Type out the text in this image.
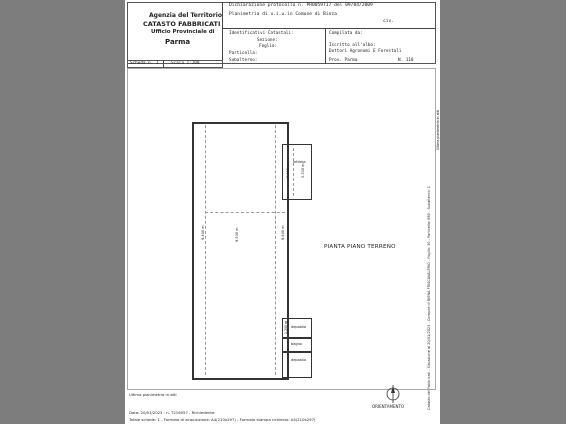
Agenzia del Territorio
CATASTO FABBRICATI
Ufficio Provinciale di
Parma
Dichiarazione protocollo n. PR0059717 del 09/04/2009
Planimetria di u.i.u.in Comune di Bieza
civ.
Identificativi Catastali:
Sezione:
Foglio:
Particella:
Subalterno:
Compilata da:
Iscritto all'albo:
Dottori Agronomi E Forestali
Prov. Parma	N. 110
Scheda n. 1	Scala 1:200
lettiera
deposito
bagno
deposito
9.400 m	9.530 m	9.400 m
5.330 m	5.330 m
1.200 m
PIANTA PIANO TERRENO
ORIENTAMENTO
Ultima planimetria in atti
Data: 20/01/2023 - n. T216557 - Richiedente:
Totale schede: 1 - Formato di acquisizione: A4(210x297) - Formato stampa richiesto: A4(210x297)
Catasto dei Fabbricati - Situazione al 20/01/2023 - Comune di BIENA FRISCAVALERIO - Foglio: 10 - Particella: 685 - Subalterno: 1
Ultima planimetria in atti
